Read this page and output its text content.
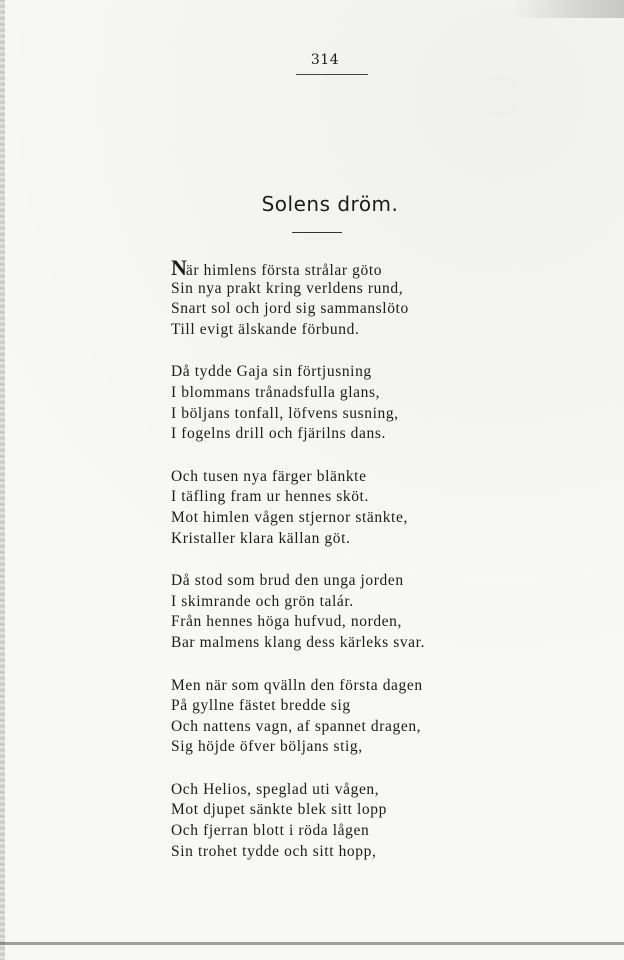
314
Solens dröm.
När himlens första strålar göto
Sin nya prakt kring verldens rund,
Snart sol och jord sig sammanslöto
Till evigt älskande förbund.
Då tydde Gaja sin förtjusning
I blommans trånadsfulla glans,
I böljans tonfall, löfvens susning,
I fogelns drill och fjärilns dans.
Och tusen nya färger blänkte
I täfling fram ur hennes sköt.
Mot himlen vågen stjernor stänkte,
Kristaller klara källan göt.
Då stod som brud den unga jorden
I skimrande och grön talár.
Från hennes höga hufvud, norden,
Bar malmens klang dess kärleks svar.
Men när som qvälln den första dagen
På gyllne fästet bredde sig
Och nattens vagn, af spannet dragen,
Sig höjde öfver böljans stig,
Och Helios, speglad uti vågen,
Mot djupet sänkte blek sitt lopp
Och fjerran blott i röda lågen
Sin trohet tydde och sitt hopp,
